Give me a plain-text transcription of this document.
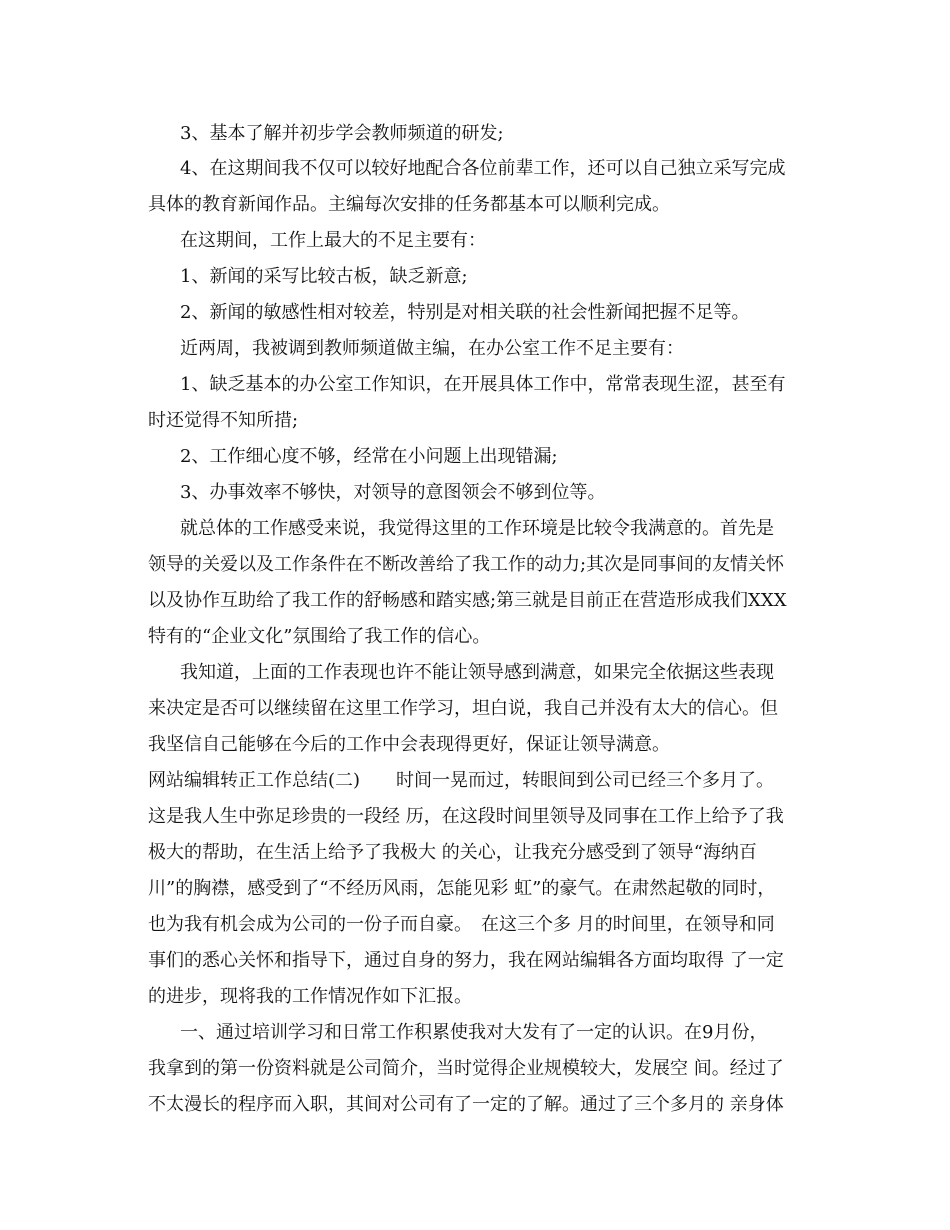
3、基本了解并初步学会教师频道的研发;
4、在这期间我不仅可以较好地配合各位前辈工作，还可以自己独立采写完成
具体的教育新闻作品。主编每次安排的任务都基本可以顺利完成。
在这期间，工作上最大的不足主要有：
1、新闻的采写比较古板，缺乏新意;
2、新闻的敏感性相对较差，特别是对相关联的社会性新闻把握不足等。
近两周，我被调到教师频道做主编，在办公室工作不足主要有：
1、缺乏基本的办公室工作知识，在开展具体工作中，常常表现生涩，甚至有
时还觉得不知所措;
2、工作细心度不够，经常在小问题上出现错漏;
3、办事效率不够快，对领导的意图领会不够到位等。
就总体的工作感受来说，我觉得这里的工作环境是比较令我满意的。首先是
领导的关爱以及工作条件在不断改善给了我工作的动力;其次是同事间的友情关怀
以及协作互助给了我工作的舒畅感和踏实感;第三就是目前正在营造形成我们XXX
特有的“企业文化”氛围给了我工作的信心。
我知道，上面的工作表现也许不能让领导感到满意，如果完全依据这些表现
来决定是否可以继续留在这里工作学习，坦白说，我自己并没有太大的信心。但
我坚信自己能够在今后的工作中会表现得更好，保证让领导满意。
网站编辑转正工作总结(二)　　时间一晃而过，转眼间到公司已经三个多月了。
这是我人生中弥足珍贵的一段经 历，在这段时间里领导及同事在工作上给予了我
极大的帮助，在生活上给予了我极大 的关心，让我充分感受到了领导“海纳百
川”的胸襟，感受到了“不经历风雨，怎能见彩 虹”的豪气。在肃然起敬的同时，
也为我有机会成为公司的一份子而自豪。　在这三个多 月的时间里，在领导和同
事们的悉心关怀和指导下，通过自身的努力，我在网站编辑各方面均取得 了一定
的进步，现将我的工作情况作如下汇报。
一、通过培训学习和日常工作积累使我对大发有了一定的认识。在9月份，
我拿到的第一份资料就是公司简介，当时觉得企业规模较大，发展空 间。经过了
不太漫长的程序而入职，其间对公司有了一定的了解。通过了三个多月的 亲身体
